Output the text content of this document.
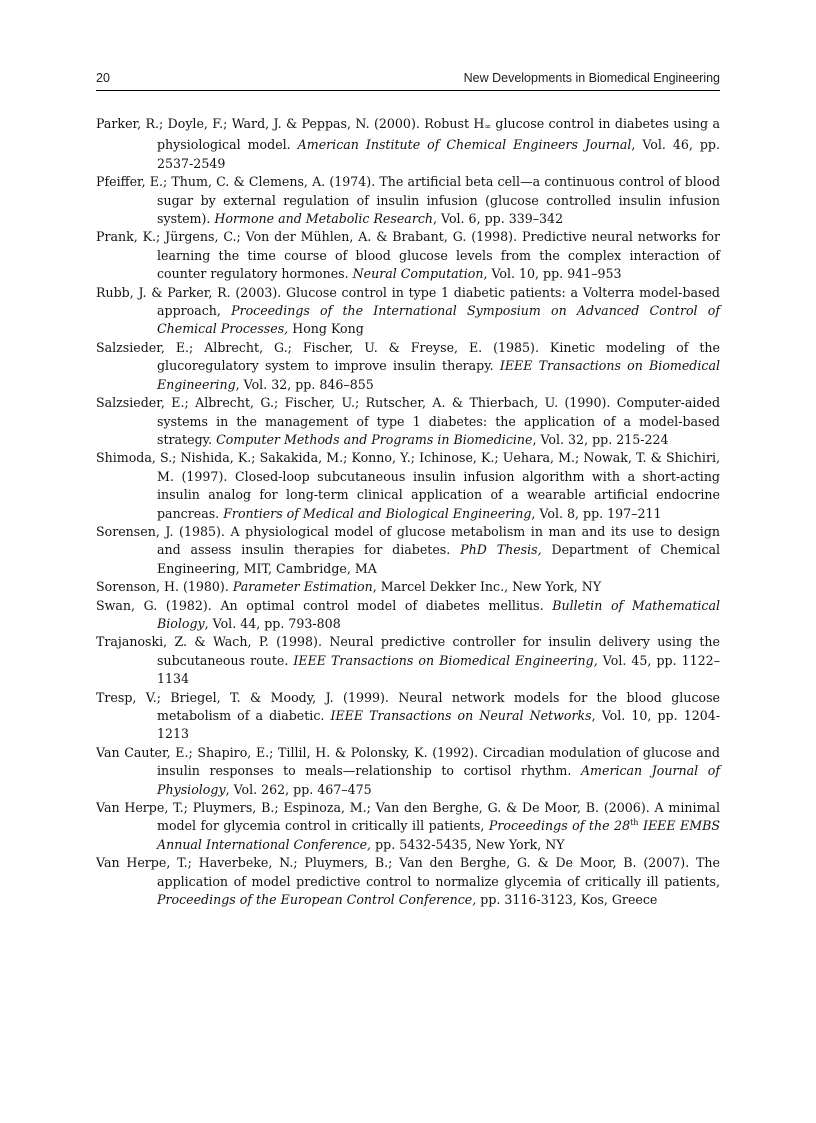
20	New Developments in Biomedical Engineering

Parker, R.; Doyle, F.; Ward, J. & Peppas, N. (2000). Robust $H_\infty$ glucose control in diabetes using a physiological model. American Institute of Chemical Engineers Journal, Vol. 46, pp. 2537-2549

Pfeiffer, E.; Thum, C. & Clemens, A. (1974). The artificial beta cell—a continuous control of blood sugar by external regulation of insulin infusion (glucose controlled insulin infusion system). Hormone and Metabolic Research, Vol. 6, pp. 339–342

Prank, K.; Jürgens, C.; Von der Mühlen, A. & Brabant, G. (1998). Predictive neural networks for learning the time course of blood glucose levels from the complex interaction of counter regulatory hormones. Neural Computation, Vol. 10, pp. 941–953

Rubb, J. & Parker, R. (2003). Glucose control in type 1 diabetic patients: a Volterra model-based approach, Proceedings of the International Symposium on Advanced Control of Chemical Processes, Hong Kong

Salzsieder, E.; Albrecht, G.; Fischer, U. & Freyse, E. (1985). Kinetic modeling of the glucoregulatory system to improve insulin therapy. IEEE Transactions on Biomedical Engineering, Vol. 32, pp. 846–855

Salzsieder, E.; Albrecht, G.; Fischer, U.; Rutscher, A. & Thierbach, U. (1990). Computer-aided systems in the management of type 1 diabetes: the application of a model-based strategy. Computer Methods and Programs in Biomedicine, Vol. 32, pp. 215-224

Shimoda, S.; Nishida, K.; Sakakida, M.; Konno, Y.; Ichinose, K.; Uehara, M.; Nowak, T. & Shichiri, M. (1997). Closed-loop subcutaneous insulin infusion algorithm with a short-acting insulin analog for long-term clinical application of a wearable artificial endocrine pancreas. Frontiers of Medical and Biological Engineering, Vol. 8, pp. 197–211

Sorensen, J. (1985). A physiological model of glucose metabolism in man and its use to design and assess insulin therapies for diabetes. PhD Thesis, Department of Chemical Engineering, MIT, Cambridge, MA

Sorenson, H. (1980). Parameter Estimation, Marcel Dekker Inc., New York, NY

Swan, G. (1982). An optimal control model of diabetes mellitus. Bulletin of Mathematical Biology, Vol. 44, pp. 793-808

Trajanoski, Z. & Wach, P. (1998). Neural predictive controller for insulin delivery using the subcutaneous route. IEEE Transactions on Biomedical Engineering, Vol. 45, pp. 1122–1134

Tresp, V.; Briegel, T. & Moody, J. (1999). Neural network models for the blood glucose metabolism of a diabetic. IEEE Transactions on Neural Networks, Vol. 10, pp. 1204-1213

Van Cauter, E.; Shapiro, E.; Tillil, H. & Polonsky, K. (1992). Circadian modulation of glucose and insulin responses to meals—relationship to cortisol rhythm. American Journal of Physiology, Vol. 262, pp. 467–475

Van Herpe, T.; Pluymers, B.; Espinoza, M.; Van den Berghe, G. & De Moor, B. (2006). A minimal model for glycemia control in critically ill patients, Proceedings of the 28th IEEE EMBS Annual International Conference, pp. 5432-5435, New York, NY

Van Herpe, T.; Haverbeke, N.; Pluymers, B.; Van den Berghe, G. & De Moor, B. (2007). The application of model predictive control to normalize glycemia of critically ill patients, Proceedings of the European Control Conference, pp. 3116-3123, Kos, Greece
